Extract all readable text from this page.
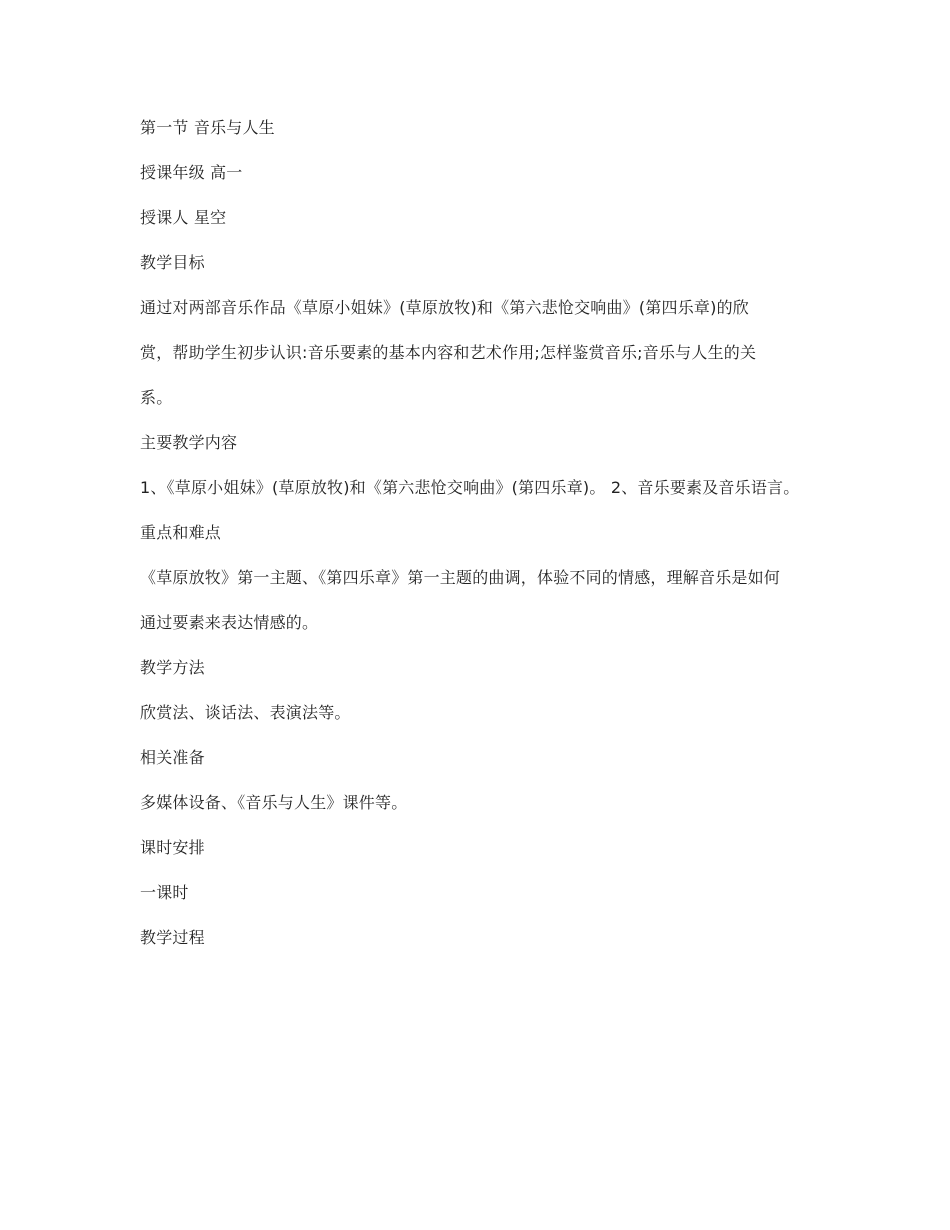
第一节 音乐与人生

授课年级 高一

授课人 星空

教学目标

通过对两部音乐作品《草原小姐妹》(草原放牧)和《第六悲怆交响曲》(第四乐章)的欣

赏，帮助学生初步认识:音乐要素的基本内容和艺术作用;怎样鉴赏音乐;音乐与人生的关

系。

主要教学内容

1、《草原小姐妹》(草原放牧)和《第六悲怆交响曲》(第四乐章)。 2、音乐要素及音乐语言。

重点和难点

《草原放牧》第一主题、《第四乐章》第一主题的曲调，体验不同的情感，理解音乐是如何

通过要素来表达情感的。

教学方法

欣赏法、谈话法、表演法等。

相关准备

多媒体设备、《音乐与人生》课件等。

课时安排

一课时

教学过程
